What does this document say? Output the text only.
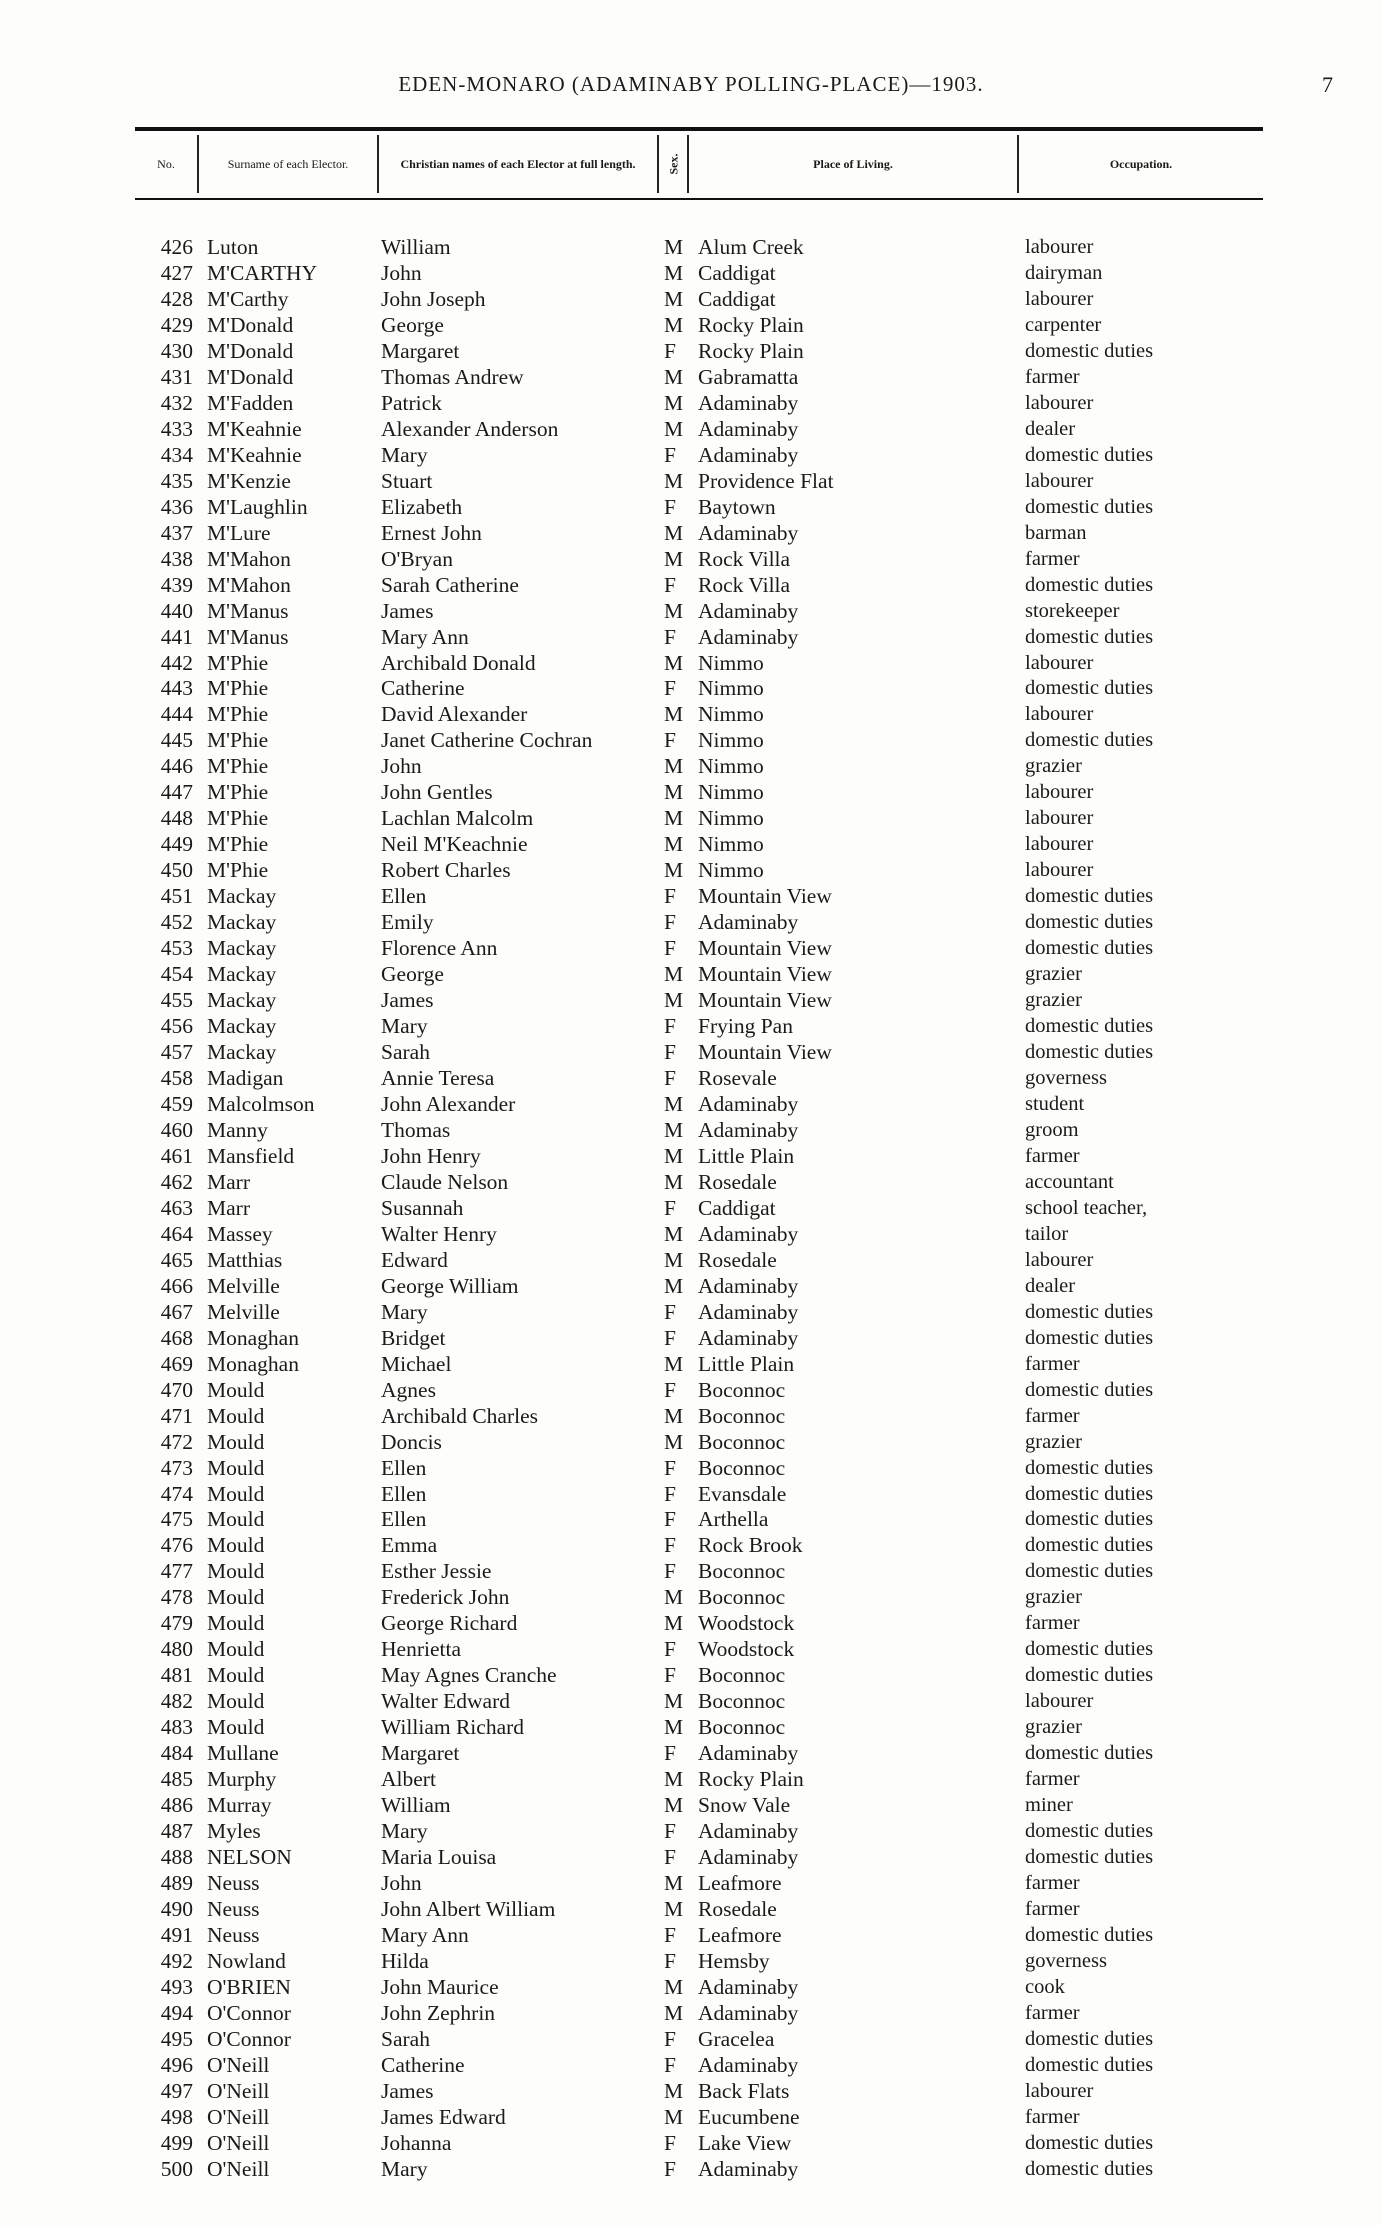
EDEN-MONARO (ADAMINABY POLLING-PLACE)—1903.	7
No.	Surname of each Elector.	Christian names of each Elector at full length.	Sex.	Place of Living.	Occupation.
426 Luton	William	M Alum Creek	labourer
427 M'CARTHY	John	M Caddigat	dairyman
428 M'Carthy	John Joseph	M Caddigat	labourer
429 M'Donald	George	M Rocky Plain	carpenter
430 M'Donald	Margaret	F Rocky Plain	domestic duties
431 M'Donald	Thomas Andrew	M Gabramatta	farmer
432 M'Fadden	Patrick	M Adaminaby	labourer
433 M'Keahnie	Alexander Anderson	M Adaminaby	dealer
434 M'Keahnie	Mary	F Adaminaby	domestic duties
435 M'Kenzie	Stuart	M Providence Flat	labourer
436 M'Laughlin	Elizabeth	F Baytown	domestic duties
437 M'Lure	Ernest John	M Adaminaby	barman
438 M'Mahon	O'Bryan	M Rock Villa	farmer
439 M'Mahon	Sarah Catherine	F Rock Villa	domestic duties
440 M'Manus	James	M Adaminaby	storekeeper
441 M'Manus	Mary Ann	F Adaminaby	domestic duties
442 M'Phie	Archibald Donald	M Nimmo	labourer
443 M'Phie	Catherine	F Nimmo	domestic duties
444 M'Phie	David Alexander	M Nimmo	labourer
445 M'Phie	Janet Catherine Cochran	F Nimmo	domestic duties
446 M'Phie	John	M Nimmo	grazier
447 M'Phie	John Gentles	M Nimmo	labourer
448 M'Phie	Lachlan Malcolm	M Nimmo	labourer
449 M'Phie	Neil M'Keachnie	M Nimmo	labourer
450 M'Phie	Robert Charles	M Nimmo	labourer
451 Mackay	Ellen	F Mountain View	domestic duties
452 Mackay	Emily	F Adaminaby	domestic duties
453 Mackay	Florence Ann	F Mountain View	domestic duties
454 Mackay	George	M Mountain View	grazier
455 Mackay	James	M Mountain View	grazier
456 Mackay	Mary	F Frying Pan	domestic duties
457 Mackay	Sarah	F Mountain View	domestic duties
458 Madigan	Annie Teresa	F Rosevale	governess
459 Malcolmson	John Alexander	M Adaminaby	student
460 Manny	Thomas	M Adaminaby	groom
461 Mansfield	John Henry	M Little Plain	farmer
462 Marr	Claude Nelson	M Rosedale	accountant
463 Marr	Susannah	F Caddigat	school teacher,
464 Massey	Walter Henry	M Adaminaby	tailor
465 Matthias	Edward	M Rosedale	labourer
466 Melville	George William	M Adaminaby	dealer
467 Melville	Mary	F Adaminaby	domestic duties
468 Monaghan	Bridget	F Adaminaby	domestic duties
469 Monaghan	Michael	M Little Plain	farmer
470 Mould	Agnes	F Boconnoc	domestic duties
471 Mould	Archibald Charles	M Boconnoc	farmer
472 Mould	Doncis	M Boconnoc	grazier
473 Mould	Ellen	F Boconnoc	domestic duties
474 Mould	Ellen	F Evansdale	domestic duties
475 Mould	Ellen	F Arthella	domestic duties
476 Mould	Emma	F Rock Brook	domestic duties
477 Mould	Esther Jessie	F Boconnoc	domestic duties
478 Mould	Frederick John	M Boconnoc	grazier
479 Mould	George Richard	M Woodstock	farmer
480 Mould	Henrietta	F Woodstock	domestic duties
481 Mould	May Agnes Cranche	F Boconnoc	domestic duties
482 Mould	Walter Edward	M Boconnoc	labourer
483 Mould	William Richard	M Boconnoc	grazier
484 Mullane	Margaret	F Adaminaby	domestic duties
485 Murphy	Albert	M Rocky Plain	farmer
486 Murray	William	M Snow Vale	miner
487 Myles	Mary	F Adaminaby	domestic duties
488 NELSON	Maria Louisa	F Adaminaby	domestic duties
489 Neuss	John	M Leafmore	farmer
490 Neuss	John Albert William	M Rosedale	farmer
491 Neuss	Mary Ann	F Leafmore	domestic duties
492 Nowland	Hilda	F Hemsby	governess
493 O'BRIEN	John Maurice	M Adaminaby	cook
494 O'Connor	John Zephrin	M Adaminaby	farmer
495 O'Connor	Sarah	F Gracelea	domestic duties
496 O'Neill	Catherine	F Adaminaby	domestic duties
497 O'Neill	James	M Back Flats	labourer
498 O'Neill	James Edward	M Eucumbene	farmer
499 O'Neill	Johanna	F Lake View	domestic duties
500 O'Neill	Mary	F Adaminaby	domestic duties
